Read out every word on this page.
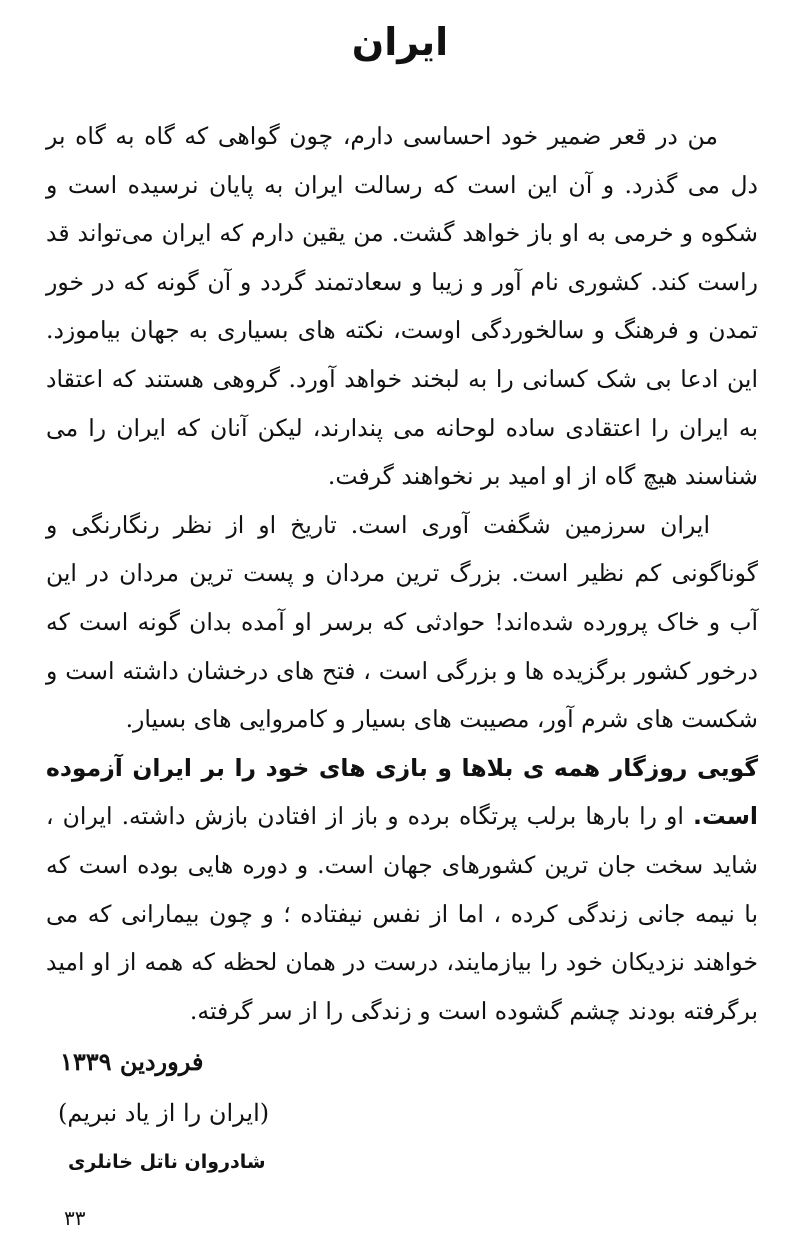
ایران

من در قعر ضمیر خود احساسی دارم، چون گواهی که گاه به گاه بر دل می گذرد. و آن این است که رسالت ایران به پایان نرسیده است و شکوه و خرمی به او باز خواهد گشت. من یقین دارم که ایران می‌تواند قد راست کند. کشوری نام آور و زیبا و سعادتمند گردد و آن گونه که در خور تمدن و فرهنگ و سالخوردگی اوست، نکته های بسیاری به جهان بیاموزد. این ادعا بی شک کسانی را به لبخند خواهد آورد. گروهی هستند که اعتقاد به ایران را اعتقادی ساده لوحانه می پندارند، لیکن آنان که ایران را می شناسند هیچ گاه از او امید بر نخواهند گرفت.

ایران سرزمین شگفت آوری است. تاریخ او از نظر رنگارنگی و گوناگونی کم نظیر است. بزرگ ترین مردان و پست ترین مردان در این آب و خاک پرورده شده‌اند! حوادثی که برسر او آمده بدان گونه است که درخور کشور برگزیده ها و بزرگی است ، فتح های درخشان داشته است و شکست های شرم آور، مصیبت های بسیار و کامروایی های بسیار.
گویی روزگار همه ی بلاها و بازی های خود را بر ایران آزموده است. او را بارها برلب پرتگاه برده و باز از افتادن بازش داشته. ایران ، شاید سخت جان ترین کشورهای جهان است. و دوره هایی بوده است که با نیمه جانی زندگی کرده ، اما از نفس نیفتاده ؛ و چون بیمارانی که می خواهند نزدیکان خود را بیازمایند، درست در همان لحظه که همه از او امید برگرفته بودند چشم گشوده است و زندگی را از سر گرفته.

فروردین ۱۳۳۹
(ایران را از یاد نبریم)
شادروان ناتل خانلری
۳۳
